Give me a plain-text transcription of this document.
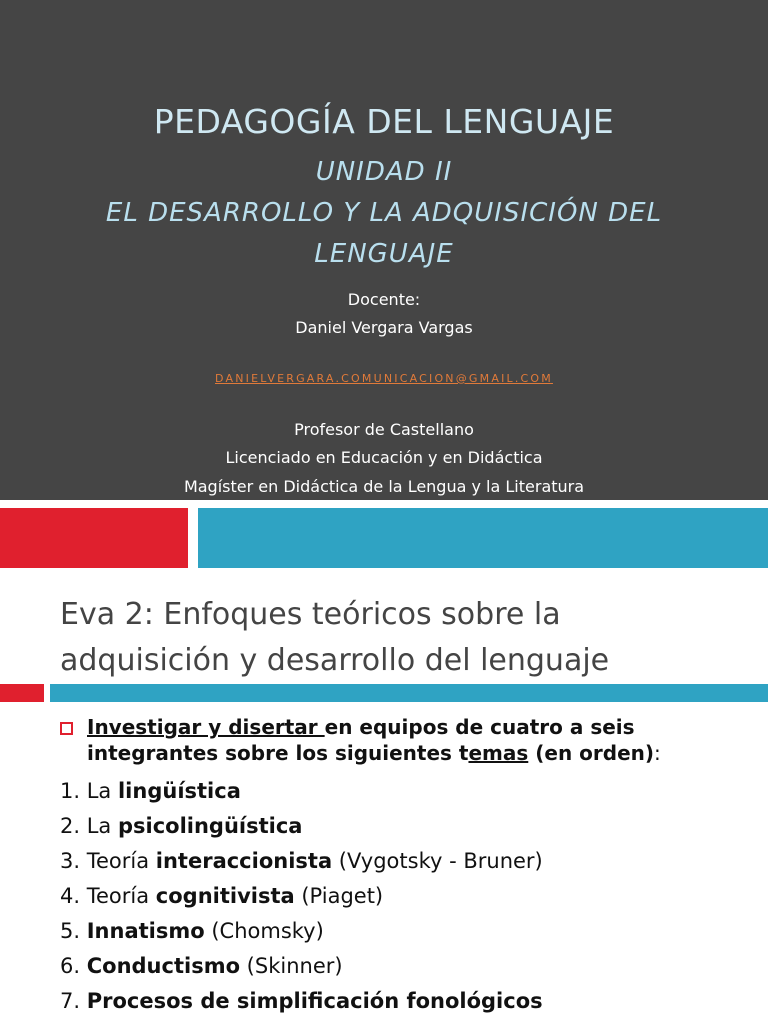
PEDAGOGÍA DEL LENGUAJE
UNIDAD II
EL DESARROLLO Y LA ADQUISICIÓN DEL
LENGUAJE
Docente:
Daniel Vergara Vargas
DANIELVERGARA.COMUNICACION@GMAIL.COM
Profesor de Castellano
Licenciado en Educación y en Didáctica
Magíster en Didáctica de la Lengua y la Literatura
Eva 2: Enfoques teóricos sobre la
adquisición y desarrollo del lenguaje
Investigar y disertar en equipos de cuatro a seis
integrantes sobre los siguientes temas (en orden):
1. La lingüística
2. La psicolingüística
3. Teoría interaccionista (Vygotsky - Bruner)
4. Teoría cognitivista (Piaget)
5. Innatismo (Chomsky)
6. Conductismo (Skinner)
7. Procesos de simplificación fonológicos
